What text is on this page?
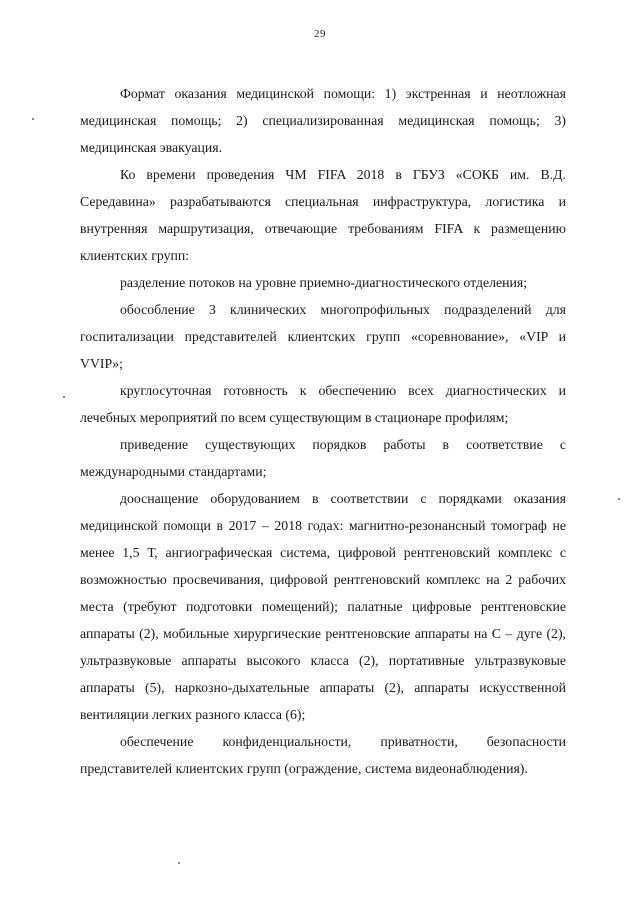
29

Формат оказания медицинской помощи: 1) экстренная и неотложная медицинская помощь; 2) специализированная медицинская помощь; 3) медицинская эвакуация.

Ко времени проведения ЧМ FIFA 2018 в ГБУЗ «СОКБ им. В.Д. Середавина» разрабатываются специальная инфраструктура, логистика и внутренняя маршрутизация, отвечающие требованиям FIFA к размещению клиентских групп:

разделение потоков на уровне приемно-диагностического отделения;

обособление 3 клинических многопрофильных подразделений для госпитализации представителей клиентских групп «соревнование», «VIP и VVIP»;

круглосуточная готовность к обеспечению всех диагностических и лечебных мероприятий по всем существующим в стационаре профилям;

приведение существующих порядков работы в соответствие с международными стандартами;

дооснащение оборудованием в соответствии с порядками оказания медицинской помощи в 2017 – 2018 годах: магнитно-резонансный томограф не менее 1,5 Т, ангиографическая система, цифровой рентгеновский комплекс с возможностью просвечивания, цифровой рентгеновский комплекс на 2 рабочих места (требуют подготовки помещений); палатные цифровые рентгеновские аппараты (2), мобильные хирургические рентгеновские аппараты на С – дуге (2), ультразвуковые аппараты высокого класса (2), портативные ультразвуковые аппараты (5), наркозно-дыхательные аппараты (2), аппараты искусственной вентиляции легких разного класса (6);

обеспечение конфиденциальности, приватности, безопасности представителей клиентских групп (ограждение, система видеонаблюдения).
